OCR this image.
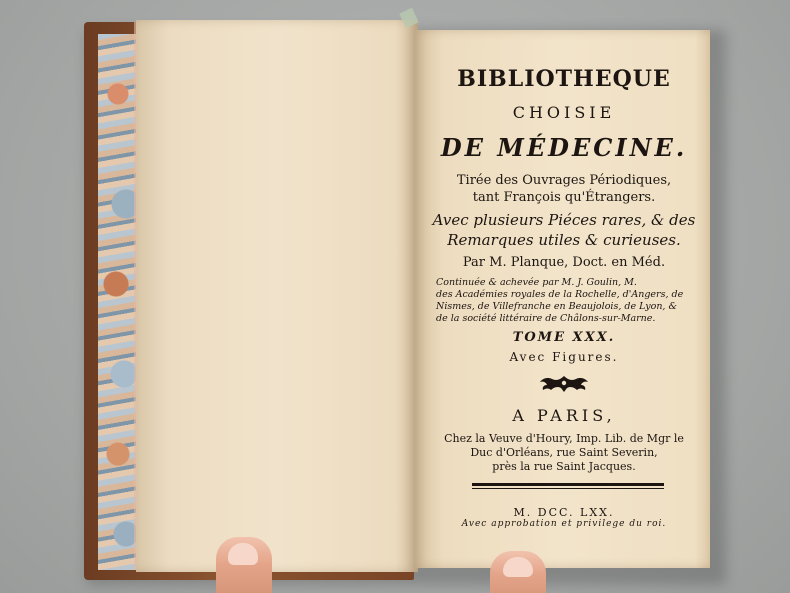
BIBLIOTHEQUE
CHOISIE
DE MÉDECINE.
Tirée des Ouvrages Périodiques,
tant François qu'Étrangers.
Avec plusieurs Piéces rares, & des
Remarques utiles & curieuses.
Par M. Planque, Doct. en Méd.
Continuée & achevée par M. J. Goulin, M.
des Académies royales de la Rochelle, d'Angers, de
Nismes, de Villefranche en Beaujolois, de Lyon, &
de la société littéraire de Châlons-sur-Marne.
TOME XXX.
Avec Figures.
A PARIS,
Chez la Veuve d'Houry, Imp. Lib. de Mgr le
Duc d'Orléans, rue Saint Severin,
près la rue Saint Jacques.
M. DCC. LXX.
Avec approbation et privilege du roi.
